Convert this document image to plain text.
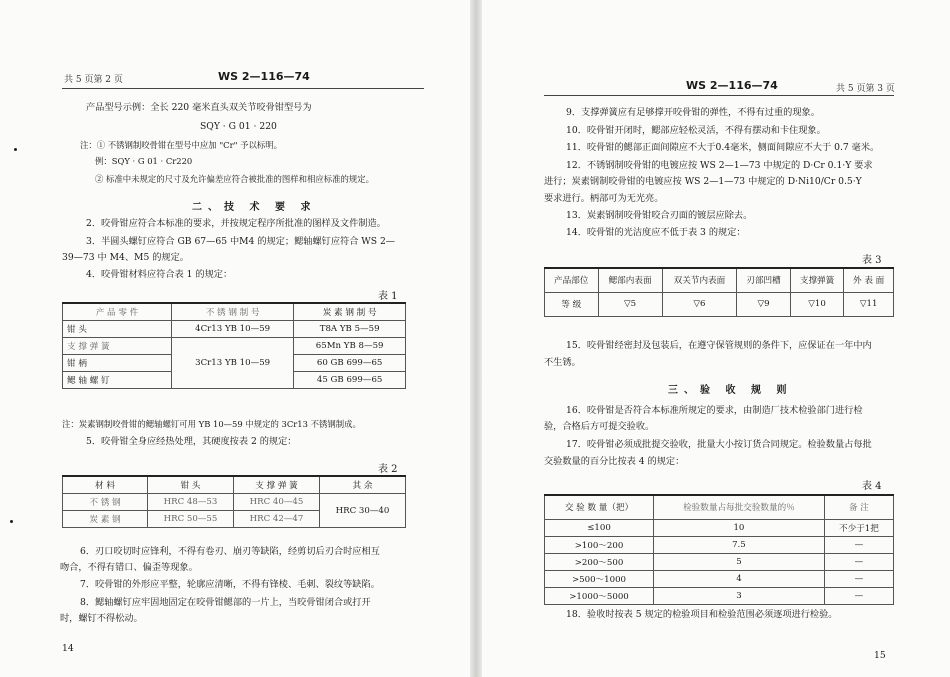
共 5 页第 2 页	WS 2—116—74
产品型号示例：全长 220 毫米直头双关节咬骨钳型号为
SQY · G 01 · 220
注：① 不锈钢制咬骨钳在型号中应加 "Cr" 予以标明。
例：SQY · G 01 · Cr220
② 标准中未规定的尺寸及允许偏差应符合被批准的图样和相应标准的规定。
二、技 术 要 求
2．咬骨钳应符合本标准的要求，并按规定程序所批准的图样及文件制造。
3．半圆头螺钉应符合 GB 67—65 中M4 的规定；鳃轴螺钉应符合 WS 2—
39—73 中 M4、M5 的规定。
4．咬骨钳材料应符合表 1 的规定：
表 1
产 品 零 件	不 锈 钢 制 号	炭 素 钢 制 号
钳 头	4Cr13 YB 10—59	T8A YB 5—59
支 撑 弹 簧	3Cr13 YB 10—59	65Mn YB 8—59
钳 柄		60 GB 699—65
鳃 轴 螺 钉		45 GB 699—65
注：炭素钢制咬骨钳的鳃轴螺钉可用 YB 10—59 中规定的 3Cr13 不锈钢制成。
5．咬骨钳全身应经热处理，其硬度按表 2 的规定：
表 2
材 料	钳 头	支 撑 弹 簧	其 余
不 锈 钢	HRC 48—53	HRC 40—45	HRC 30—40
炭 素 钢	HRC 50—55	HRC 42—47	
6．刃口咬切时应锋利，不得有卷刃、崩刃等缺陷，经剪切后刃合时应相互
吻合，不得有错口、偏歪等现象。
7．咬骨钳的外形应平整，轮廓应清晰，不得有锋棱、毛刺、裂纹等缺陷。
8．鳃轴螺钉应牢固地固定在咬骨钳鳃部的一片上，当咬骨钳闭合或打开
时，螺钉不得松动。
14
WS 2—116—74	共 5 页第 3 页
9．支撑弹簧应有足够撑开咬骨钳的弹性，不得有过重的现象。
10．咬骨钳开闭时，鳃部应轻松灵活，不得有摆动和卡住现象。
11．咬骨钳的鳃部正面间隙应不大于0.4毫米，侧面间隙应不大于 0.7 毫米。
12．不锈钢制咬骨钳的电镀应按 WS 2—1—73 中规定的 D·Cr 0.1·Y 要求
进行；炭素钢制咬骨钳的电镀应按 WS 2—1—73 中规定的 D·Ni10/Cr 0.5·Y
要求进行。柄部可为无光亮。
13．炭素钢制咬骨钳咬合刃面的镀层应除去。
14．咬骨钳的光洁度应不低于表 3 的规定：
表 3
产品部位	鳃部内表面	双关节内表面	刃部凹槽	支撑弹簧	外 表 面
等 级	▽5	▽6	▽9	▽10	▽11
15．咬骨钳经密封及包装后，在遵守保管规则的条件下，应保证在一年中内
不生锈。
三、验 收 规 则
16．咬骨钳是否符合本标准所规定的要求，由制造厂技术检验部门进行检
验，合格后方可提交验收。
17．咬骨钳必须成批提交验收，批量大小按订货合同规定。检验数量占每批
交验数量的百分比按表 4 的规定：
表 4
交 验 数 量（把）	检验数量占每批交验数量的％	备 注
≤100	10	不少于1把
>100～200	7.5	—
>200～500	5	—
>500～1000	4	—
>1000～5000	3	—
18．验收时按表 5 规定的检验项目和检验范围必须逐项进行检验。
15
